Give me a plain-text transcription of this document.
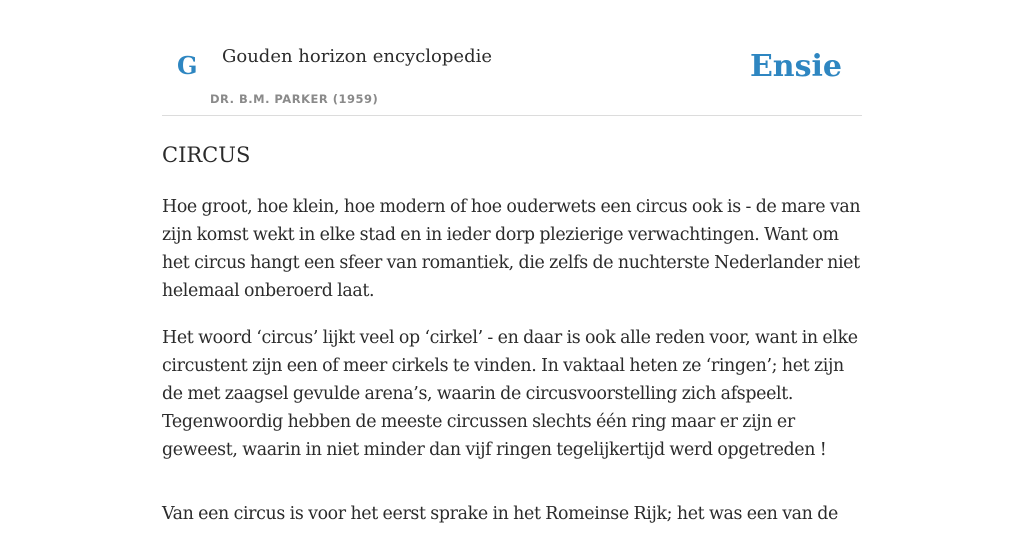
G Gouden horizon encyclopedie
DR. B.M. PARKER (1959)
Ensie
CIRCUS

Hoe groot, hoe klein, hoe modern of hoe ouderwets een circus ook is - de mare van zijn komst wekt in elke stad en in ieder dorp plezierige verwachtingen. Want om het circus hangt een sfeer van romantiek, die zelfs de nuchterste Nederlander niet helemaal onberoerd laat.

Het woord ‘circus’ lijkt veel op ‘cirkel’ - en daar is ook alle reden voor, want in elke circustent zijn een of meer cirkels te vinden. In vaktaal heten ze ‘ringen’; het zijn de met zaagsel gevulde arena’s, waarin de circusvoorstelling zich afspeelt. Tegenwoordig hebben de meeste circussen slechts één ring maar er zijn er geweest, waarin in niet minder dan vijf ringen tegelijkertijd werd opgetreden !

Van een circus is voor het eerst sprake in het Romeinse Rijk; het was een van de
